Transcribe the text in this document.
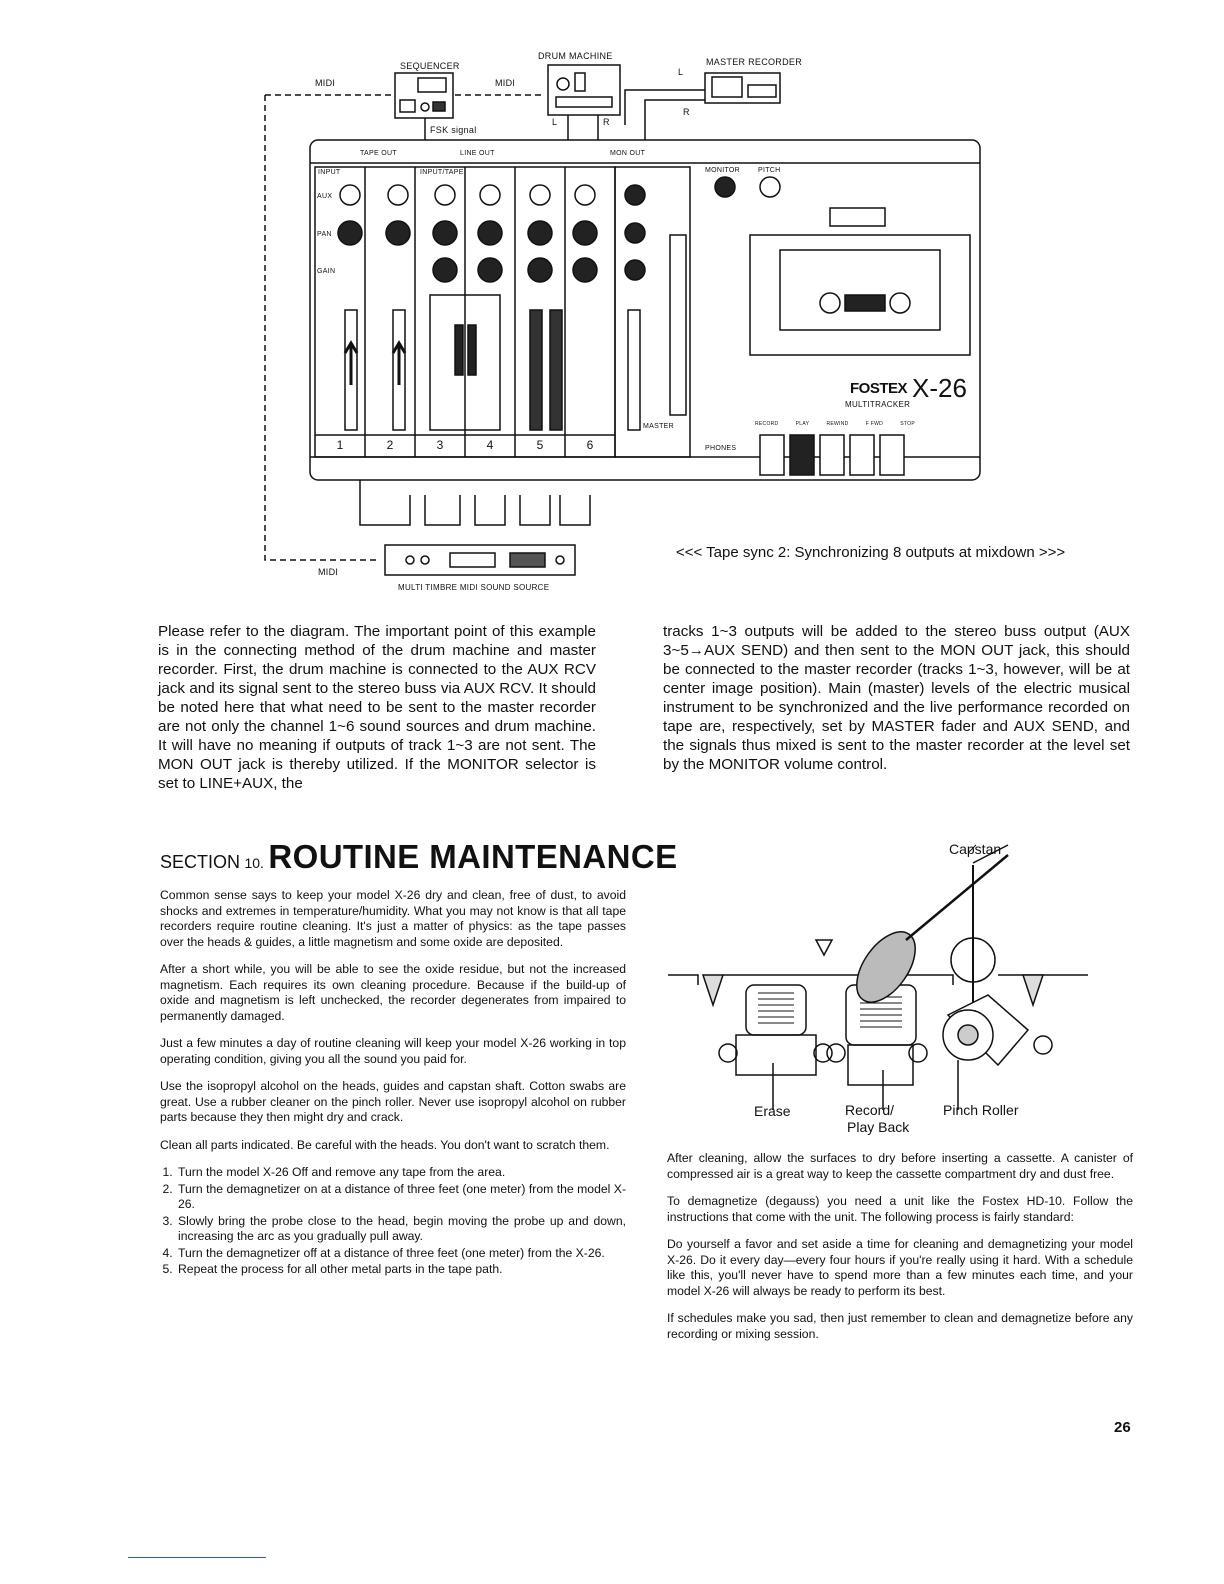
SEQUENCER
DRUM MACHINE
MASTER RECORDER
MIDI	MIDI
MIDI
FSK signal
L
R
L	R
MULTI TIMBRE MIDI SOUND SOURCE
TAPE OUT	LINE OUT	MON OUT
INPUT	INPUT/TAPE
AUX
PAN
GAIN
MONITOR	PITCH
MASTER
PHONES
FOSTEX X-26
MULTITRACKER
RECORD	PLAY	REWIND	F FWD	STOP
1	2	3	4	5	6
<<< Tape sync 2: Synchronizing 8 outputs at mixdown >>>
Please refer to the diagram. The important point of this example is in the connecting method of the drum machine and master recorder. First, the drum machine is connected to the AUX RCV jack and its signal sent to the stereo buss via AUX RCV. It should be noted here that what need to be sent to the master recorder are not only the channel 1~6 sound sources and drum machine. It will have no meaning if outputs of track 1~3 are not sent. The MON OUT jack is thereby utilized. If the MONITOR selector is set to LINE+AUX, the
tracks 1~3 outputs will be added to the stereo buss output (AUX 3~5→AUX SEND) and then sent to the MON OUT jack, this should be connected to the master recorder (tracks 1~3, however, will be at center image position). Main (master) levels of the electric musical instrument to be synchronized and the live performance recorded on tape are, respectively, set by MASTER fader and AUX SEND, and the signals thus mixed is sent to the master recorder at the level set by the MONITOR volume control.
SECTION 10. ROUTINE MAINTENANCE

Common sense says to keep your model X-26 dry and clean, free of dust, to avoid shocks and extremes in temperature/humidity. What you may not know is that all tape recorders require routine cleaning. It's just a matter of physics: as the tape passes over the heads & guides, a little magnetism and some oxide are deposited.

After a short while, you will be able to see the oxide residue, but not the increased magnetism. Each requires its own cleaning procedure. Because if the build-up of oxide and magnetism is left unchecked, the recorder degenerates from impaired to permanently damaged.

Just a few minutes a day of routine cleaning will keep your model X-26 working in top operating condition, giving you all the sound you paid for.

Use the isopropyl alcohol on the heads, guides and capstan shaft. Cotton swabs are great. Use a rubber cleaner on the pinch roller. Never use isopropyl alcohol on rubber parts because they then might dry and crack.

Clean all parts indicated. Be careful with the heads. You don't want to scratch them.

1. Turn the model X-26 Off and remove any tape from the area.
2. Turn the demagnetizer on at a distance of three feet (one meter) from the model X-26.
3. Slowly bring the probe close to the head, begin moving the probe up and down, increasing the arc as you gradually pull away.
4. Turn the demagnetizer off at a distance of three feet (one meter) from the X-26.
5. Repeat the process for all other metal parts in the tape path.
Capstan
Erase	Record/
Play Back
Pinch Roller

After cleaning, allow the surfaces to dry before inserting a cassette. A canister of compressed air is a great way to keep the cassette compartment dry and dust free.

To demagnetize (degauss) you need a unit like the Fostex HD-10. Follow the instructions that come with the unit. The following process is fairly standard:

Do yourself a favor and set aside a time for cleaning and demagnetizing your model X-26. Do it every day—every four hours if you're really using it hard. With a schedule like this, you'll never have to spend more than a few minutes each time, and your model X-26 will always be ready to perform its best.

If schedules make you sad, then just remember to clean and demagnetize before any recording or mixing session.

26
